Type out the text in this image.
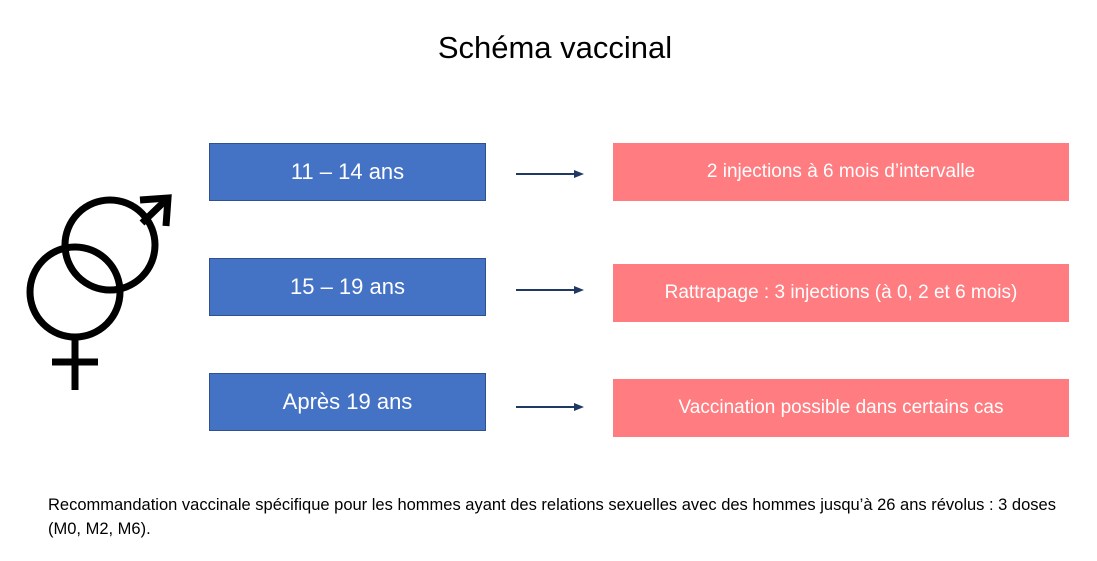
Schéma vaccinal
11 – 14 ans	2 injections à 6 mois d’intervalle
15 – 19 ans	Rattrapage : 3 injections (à 0, 2 et 6 mois)
Après 19 ans	Vaccination possible dans certains cas
Recommandation vaccinale spécifique pour les hommes ayant des relations sexuelles avec des hommes jusqu’à 26 ans révolus : 3 doses (M0, M2, M6).
